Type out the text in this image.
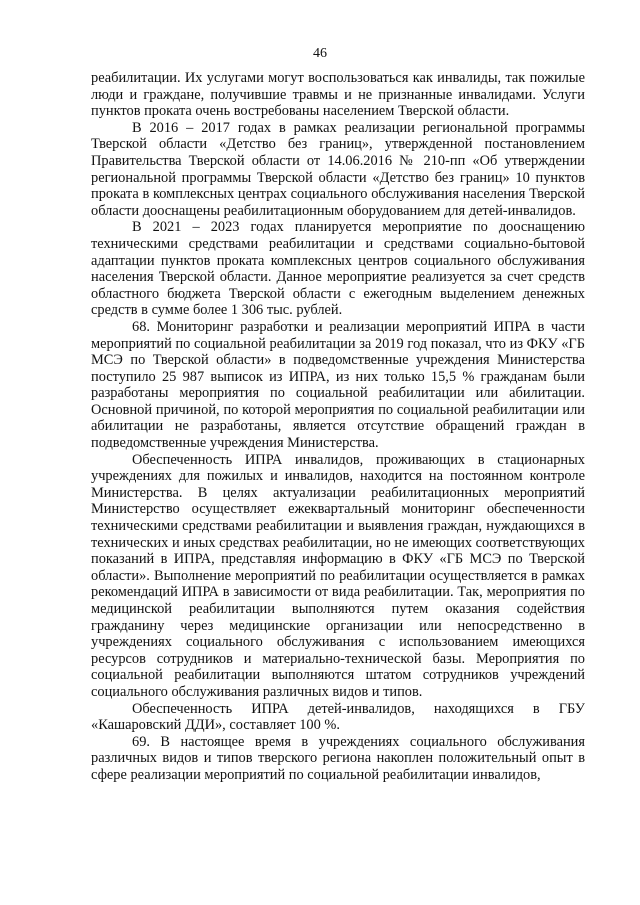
46

реабилитации. Их услугами могут воспользоваться как инвалиды, так пожилые люди и граждане, получившие травмы и не признанные инвалидами. Услуги пунктов проката очень востребованы населением Тверской области.

В 2016 – 2017 годах в рамках реализации региональной программы Тверской области «Детство без границ», утвержденной постановлением Правительства Тверской области от 14.06.2016 № 210-пп «Об утверждении региональной программы Тверской области «Детство без границ» 10 пунктов проката в комплексных центрах социального обслуживания населения Тверской области дооснащены реабилитационным оборудованием для детей-инвалидов.

В 2021 – 2023 годах планируется мероприятие по дооснащению техническими средствами реабилитации и средствами социально-бытовой адаптации пунктов проката комплексных центров социального обслуживания населения Тверской области. Данное мероприятие реализуется за счет средств областного бюджета Тверской области с ежегодным выделением денежных средств в сумме более 1 306 тыс. рублей.

68. Мониторинг разработки и реализации мероприятий ИПРА в части мероприятий по социальной реабилитации за 2019 год показал, что из ФКУ «ГБ МСЭ по Тверской области» в подведомственные учреждения Министерства поступило 25 987 выписок из ИПРА, из них только 15,5 % гражданам были разработаны мероприятия по социальной реабилитации или абилитации. Основной причиной, по которой мероприятия по социальной реабилитации или абилитации не разработаны, является отсутствие обращений граждан в подведомственные учреждения Министерства.

Обеспеченность ИПРА инвалидов, проживающих в стационарных учреждениях для пожилых и инвалидов, находится на постоянном контроле Министерства. В целях актуализации реабилитационных мероприятий Министерство осуществляет ежеквартальный мониторинг обеспеченности техническими средствами реабилитации и выявления граждан, нуждающихся в технических и иных средствах реабилитации, но не имеющих соответствующих показаний в ИПРА, представляя информацию в ФКУ «ГБ МСЭ по Тверской области». Выполнение мероприятий по реабилитации осуществляется в рамках рекомендаций ИПРА в зависимости от вида реабилитации. Так, мероприятия по медицинской реабилитации выполняются путем оказания содействия гражданину через медицинские организации или непосредственно в учреждениях социального обслуживания с использованием имеющихся ресурсов сотрудников и материально-технической базы. Мероприятия по социальной реабилитации выполняются штатом сотрудников учреждений социального обслуживания различных видов и типов.

Обеспеченность ИПРА детей-инвалидов, находящихся в ГБУ «Кашаровский ДДИ», составляет 100 %.

69. В настоящее время в учреждениях социального обслуживания различных видов и типов тверского региона накоплен положительный опыт в сфере реализации мероприятий по социальной реабилитации инвалидов,
